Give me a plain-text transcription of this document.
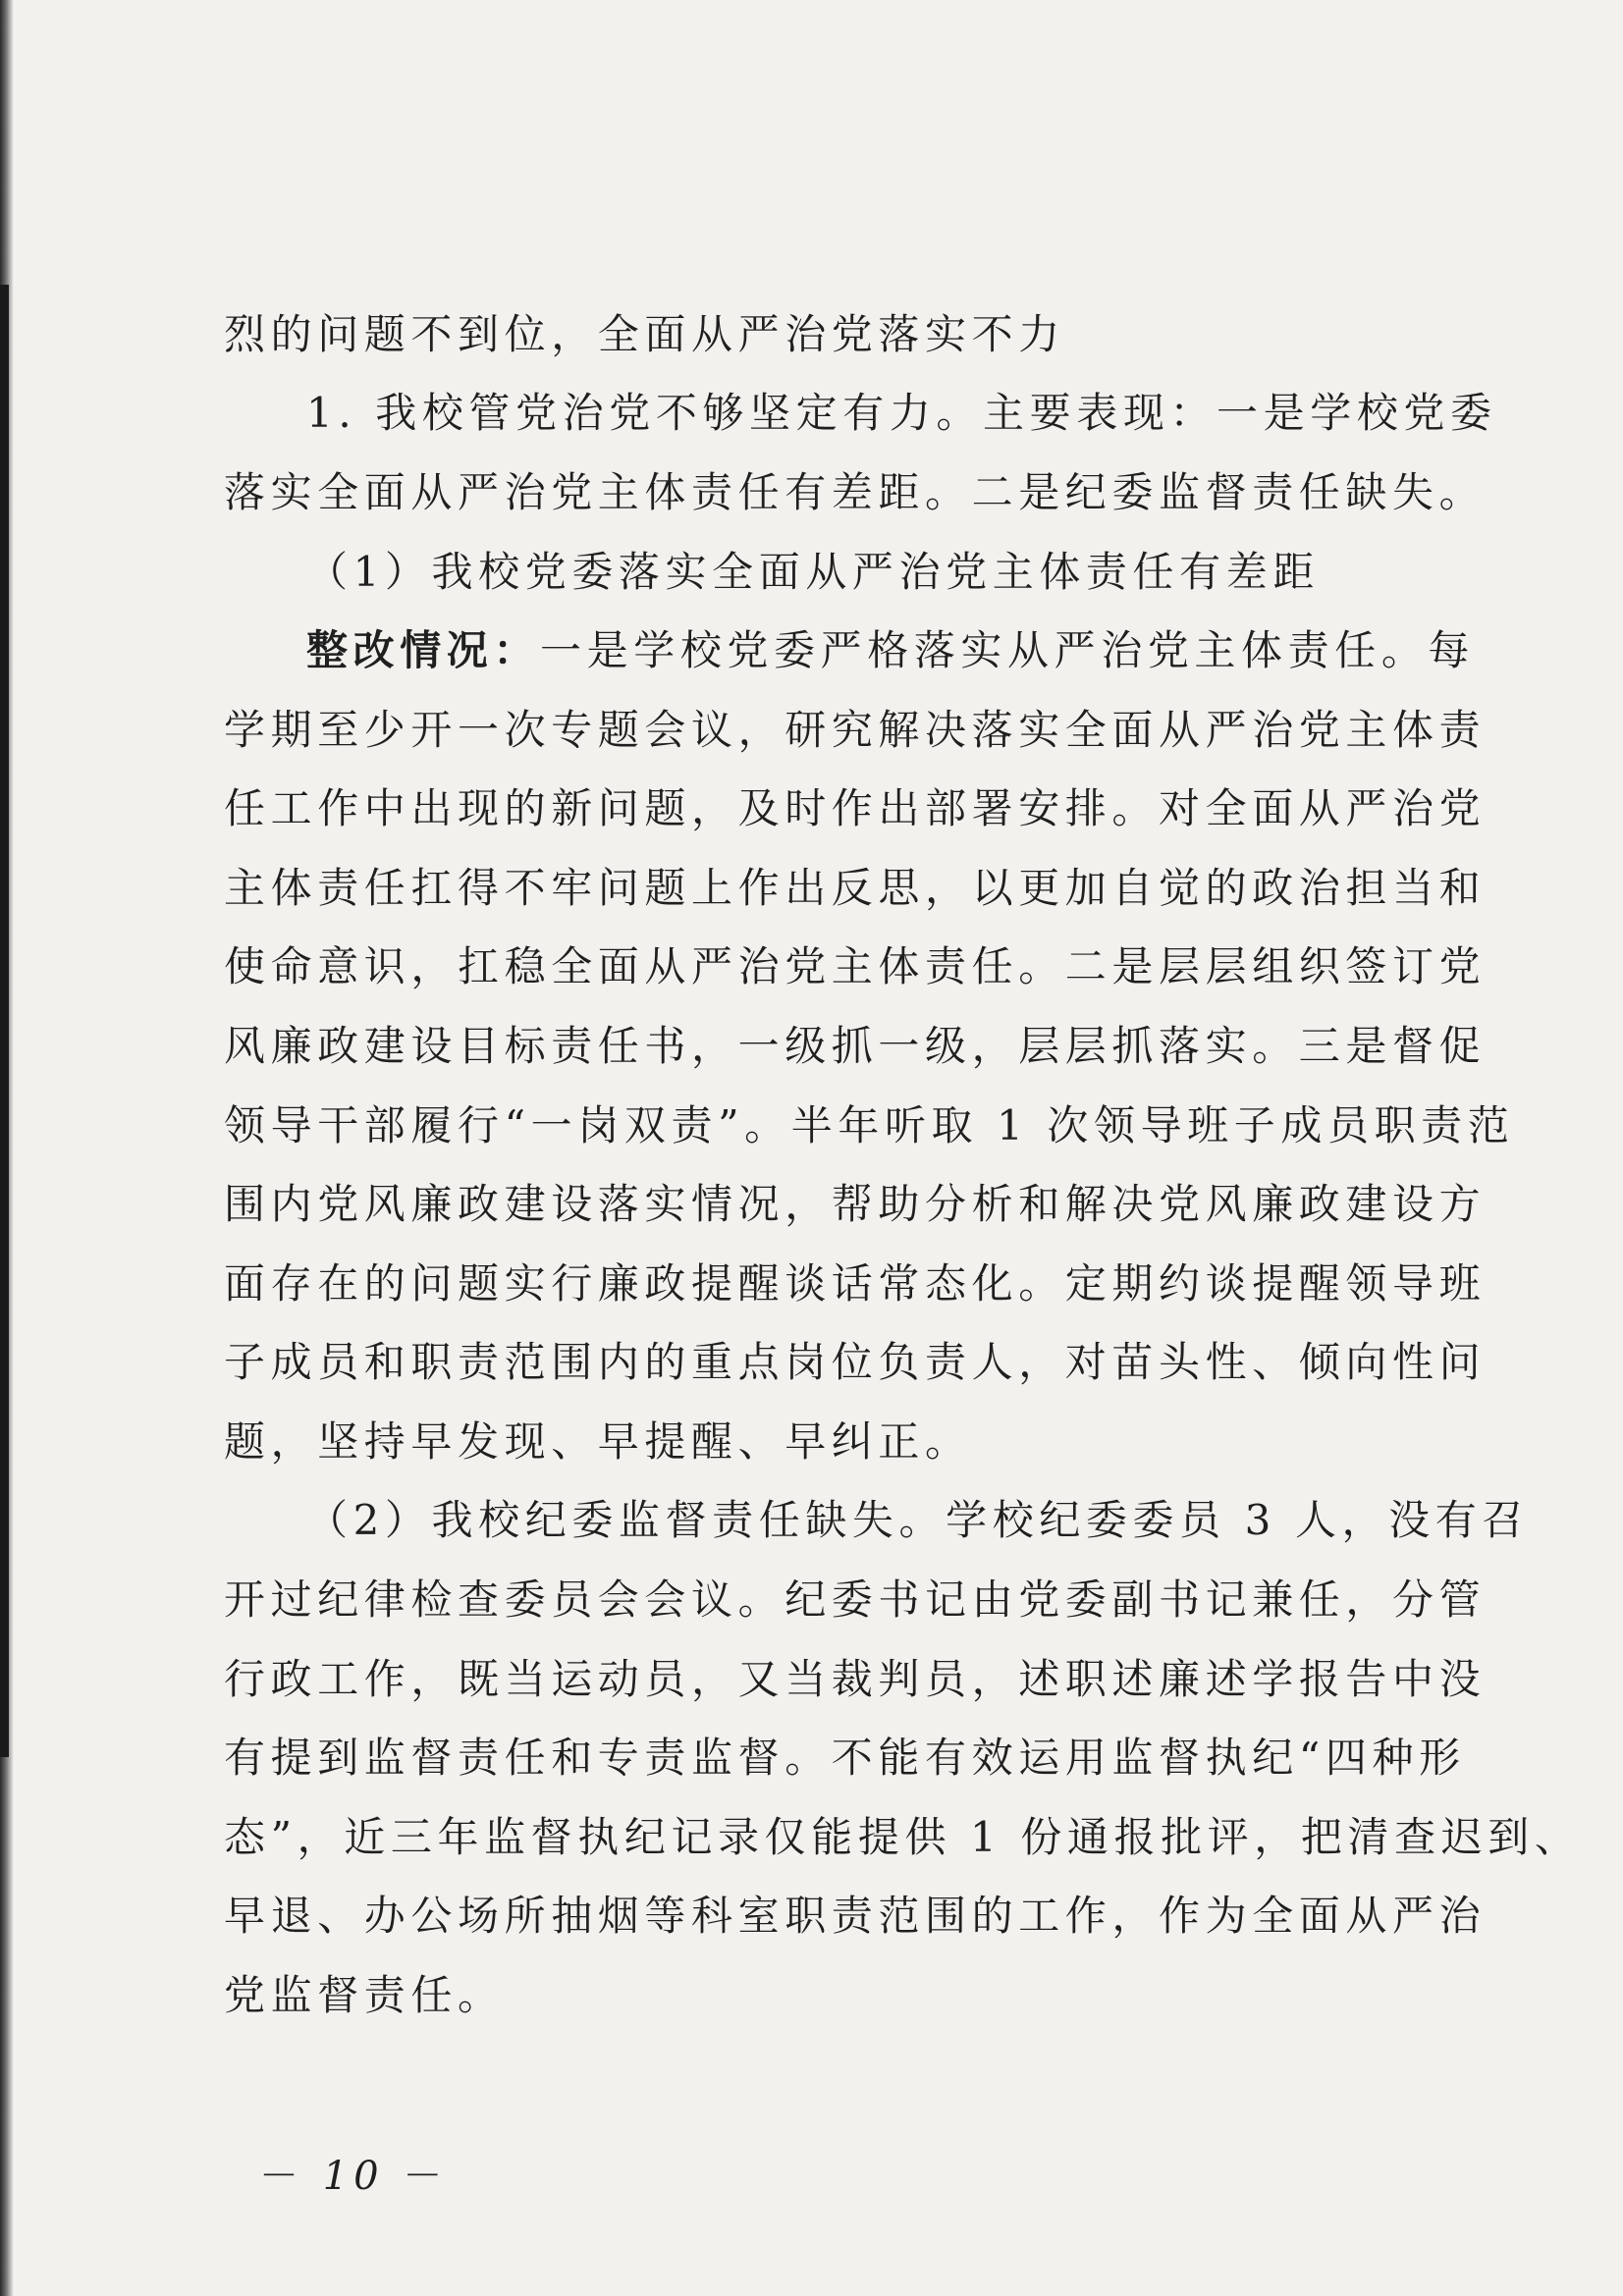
烈的问题不到位，全面从严治党落实不力
1. 我校管党治党不够坚定有力。主要表现：一是学校党委
落实全面从严治党主体责任有差距。二是纪委监督责任缺失。
（1）我校党委落实全面从严治党主体责任有差距
整改情况：一是学校党委严格落实从严治党主体责任。每
学期至少开一次专题会议，研究解决落实全面从严治党主体责
任工作中出现的新问题，及时作出部署安排。对全面从严治党
主体责任扛得不牢问题上作出反思，以更加自觉的政治担当和
使命意识，扛稳全面从严治党主体责任。二是层层组织签订党
风廉政建设目标责任书，一级抓一级，层层抓落实。三是督促
领导干部履行“一岗双责”。半年听取 1 次领导班子成员职责范
围内党风廉政建设落实情况，帮助分析和解决党风廉政建设方
面存在的问题实行廉政提醒谈话常态化。定期约谈提醒领导班
子成员和职责范围内的重点岗位负责人，对苗头性、倾向性问
题，坚持早发现、早提醒、早纠正。
（2）我校纪委监督责任缺失。学校纪委委员 3 人，没有召
开过纪律检查委员会会议。纪委书记由党委副书记兼任，分管
行政工作，既当运动员，又当裁判员，述职述廉述学报告中没
有提到监督责任和专责监督。不能有效运用监督执纪“四种形
态”，近三年监督执纪记录仅能提供 1 份通报批评，把清查迟到、
早退、办公场所抽烟等科室职责范围的工作，作为全面从严治
党监督责任。
－ 10 －
